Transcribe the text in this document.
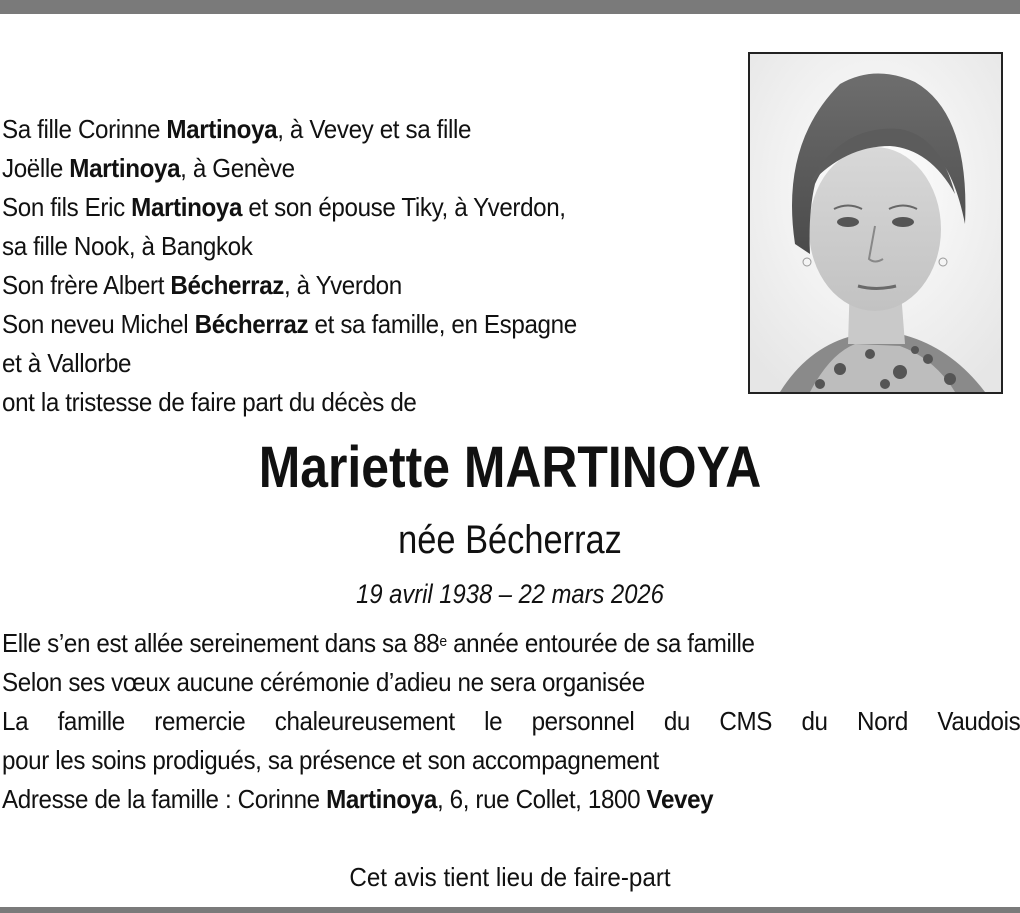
Sa fille Corinne Martinoya, à Vevey et sa fille
Joëlle Martinoya, à Genève
Son fils Eric Martinoya et son épouse Tiky, à Yverdon,
sa fille Nook, à Bangkok
Son frère Albert Bécherraz, à Yverdon
Son neveu Michel Bécherraz et sa famille, en Espagne
et à Vallorbe
ont la tristesse de faire part du décès de
Mariette MARTINOYA
née Bécherraz
19 avril 1938 – 22 mars 2026
Elle s’en est allée sereinement dans sa 88e année entourée de sa famille
Selon ses vœux aucune cérémonie d’adieu ne sera organisée
La famille remercie chaleureusement le personnel du CMS du Nord Vaudois
pour les soins prodigués, sa présence et son accompagnement
Adresse de la famille : Corinne Martinoya, 6, rue Collet, 1800 Vevey
Cet avis tient lieu de faire-part
